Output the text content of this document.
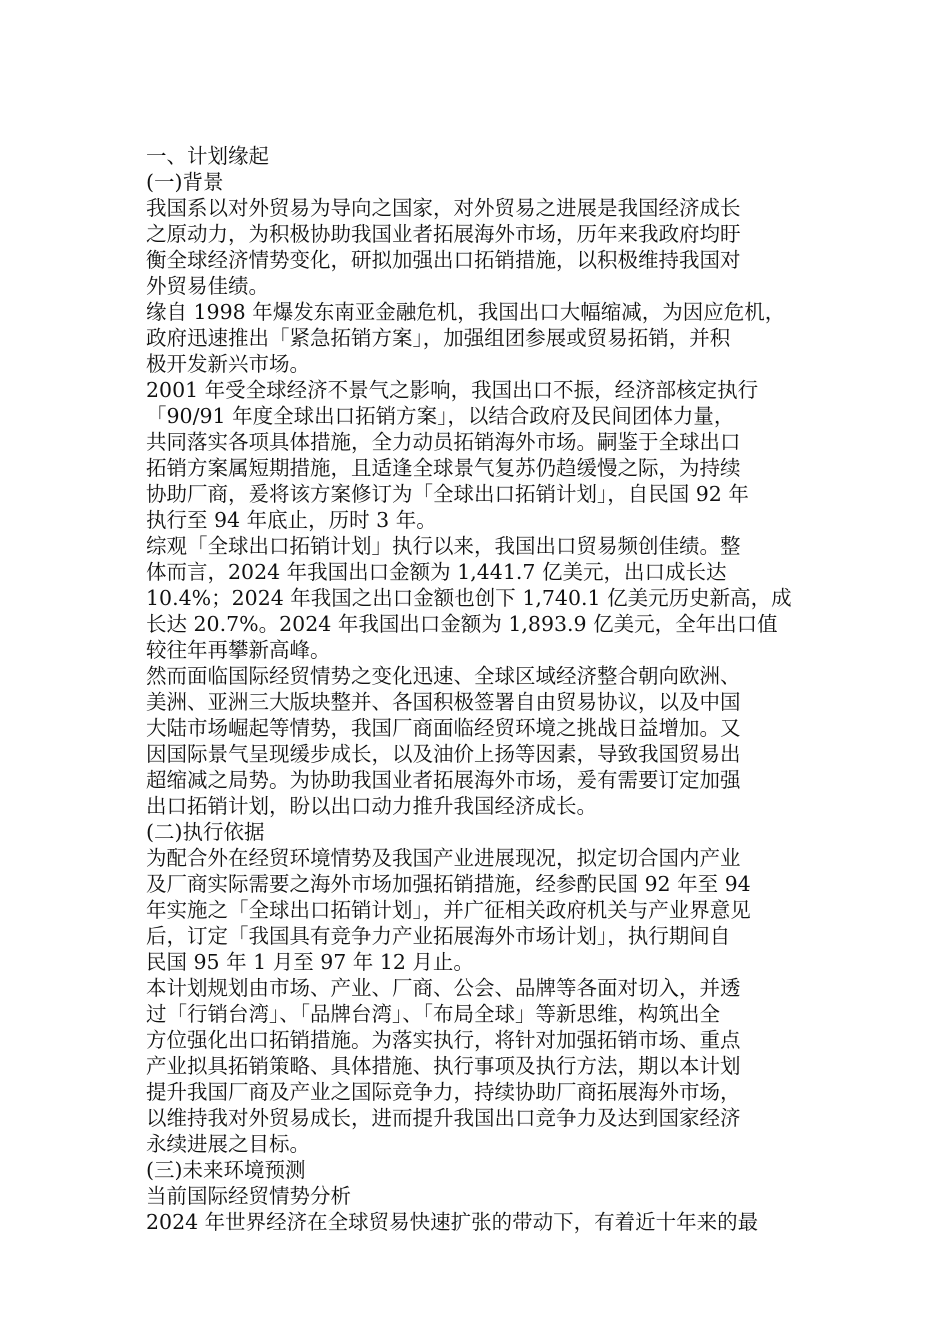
一、计划缘起
(一)背景
我国系以对外贸易为导向之国家，对外贸易之进展是我国经济成长
之原动力，为积极协助我国业者拓展海外市场，历年来我政府均盱
衡全球经济情势变化，研拟加强出口拓销措施，以积极维持我国对
外贸易佳绩。
缘自 1998 年爆发东南亚金融危机，我国出口大幅缩减，为因应危机，
政府迅速推出「紧急拓销方案」，加强组团参展或贸易拓销，并积
极开发新兴市场。
2001 年受全球经济不景气之影响，我国出口不振，经济部核定执行
「90/91 年度全球出口拓销方案」，以结合政府及民间团体力量，
共同落实各项具体措施，全力动员拓销海外市场。嗣鉴于全球出口
拓销方案属短期措施，且适逢全球景气复苏仍趋缓慢之际，为持续
协助厂商，爰将该方案修订为「全球出口拓销计划」，自民国 92 年
执行至 94 年底止，历时 3 年。
综观「全球出口拓销计划」执行以来，我国出口贸易频创佳绩。整
体而言，2024 年我国出口金额为 1,441.7 亿美元，出口成长达
10.4%；2024 年我国之出口金额也创下 1,740.1 亿美元历史新高，成
长达 20.7%。2024 年我国出口金额为 1,893.9 亿美元，全年出口值
较往年再攀新高峰。
然而面临国际经贸情势之变化迅速、全球区域经济整合朝向欧洲、
美洲、亚洲三大版块整并、各国积极签署自由贸易协议，以及中国
大陆市场崛起等情势，我国厂商面临经贸环境之挑战日益增加。又
因国际景气呈现缓步成长，以及油价上扬等因素，导致我国贸易出
超缩减之局势。为协助我国业者拓展海外市场，爰有需要订定加强
出口拓销计划，盼以出口动力推升我国经济成长。
(二)执行依据
为配合外在经贸环境情势及我国产业进展现况，拟定切合国内产业
及厂商实际需要之海外市场加强拓销措施，经参酌民国 92 年至 94
年实施之「全球出口拓销计划」，并广征相关政府机关与产业界意见
后，订定「我国具有竞争力产业拓展海外市场计划」，执行期间自
民国 95 年 1 月至 97 年 12 月止。
本计划规划由市场、产业、厂商、公会、品牌等各面对切入，并透
过「行销台湾」、「品牌台湾」、「布局全球」等新思维，构筑出全
方位强化出口拓销措施。为落实执行，将针对加强拓销市场、重点
产业拟具拓销策略、具体措施、执行事项及执行方法，期以本计划
提升我国厂商及产业之国际竞争力，持续协助厂商拓展海外市场，
以维持我对外贸易成长，进而提升我国出口竞争力及达到国家经济
永续进展之目标。
(三)未来环境预测
当前国际经贸情势分析
2024 年世界经济在全球贸易快速扩张的带动下，有着近十年来的最
